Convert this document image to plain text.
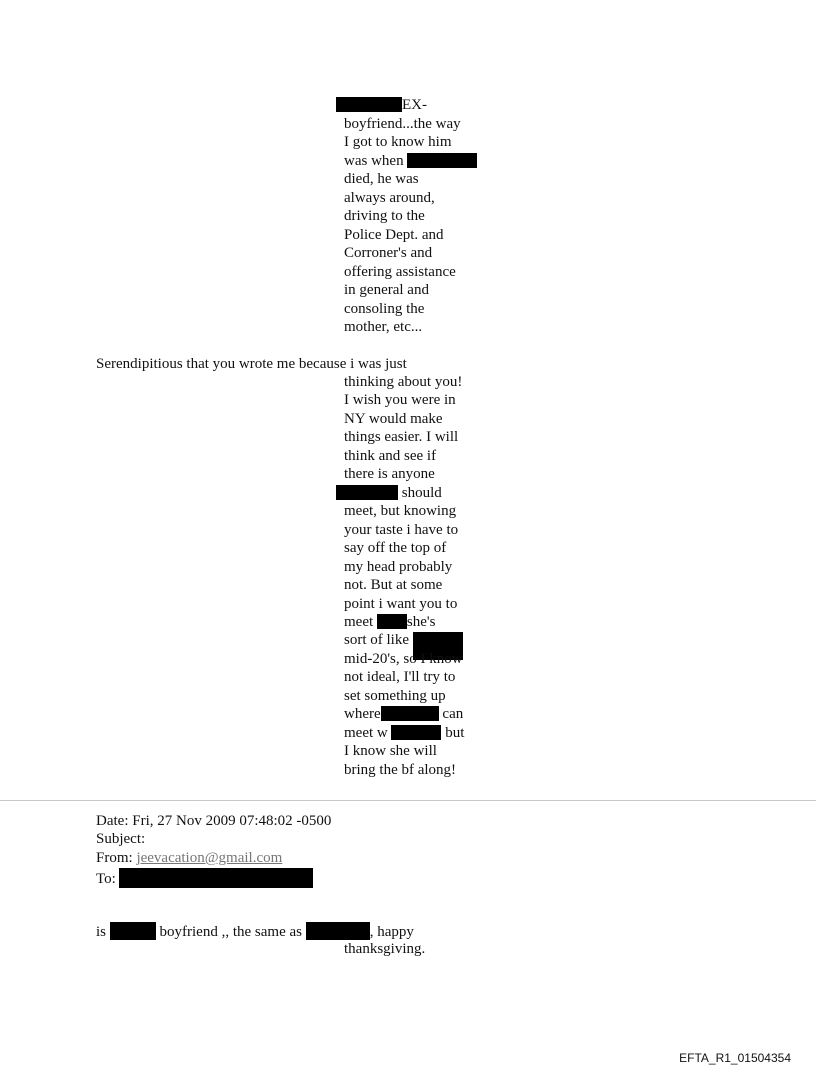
EX-
boyfriend...the way
I got to know him
was when
died, he was
always around,
driving to the
Police Dept. and
Corroner's and
offering assistance
in general and
consoling the
mother, etc...
Serendipitious that you wrote me because i was just
thinking about you!
I wish you were in
NY would make
things easier. I will
think and see if
there is anyone
should
meet, but knowing
your taste i have to
say off the top of
my head probably
not. But at some
point i want you to
meet she's
sort of like
mid-20's, so I know
not ideal, I'll try to
set something up
where	can
meet w	but
I know she will
bring the bf along!
Date: Fri, 27 Nov 2009 07:48:02 -0500
Subject:
From: jeevacation@gmail.com
To:
is	boyfriend ,, the same as	, happy
thanksgiving.
EFTA_R1_01504354
